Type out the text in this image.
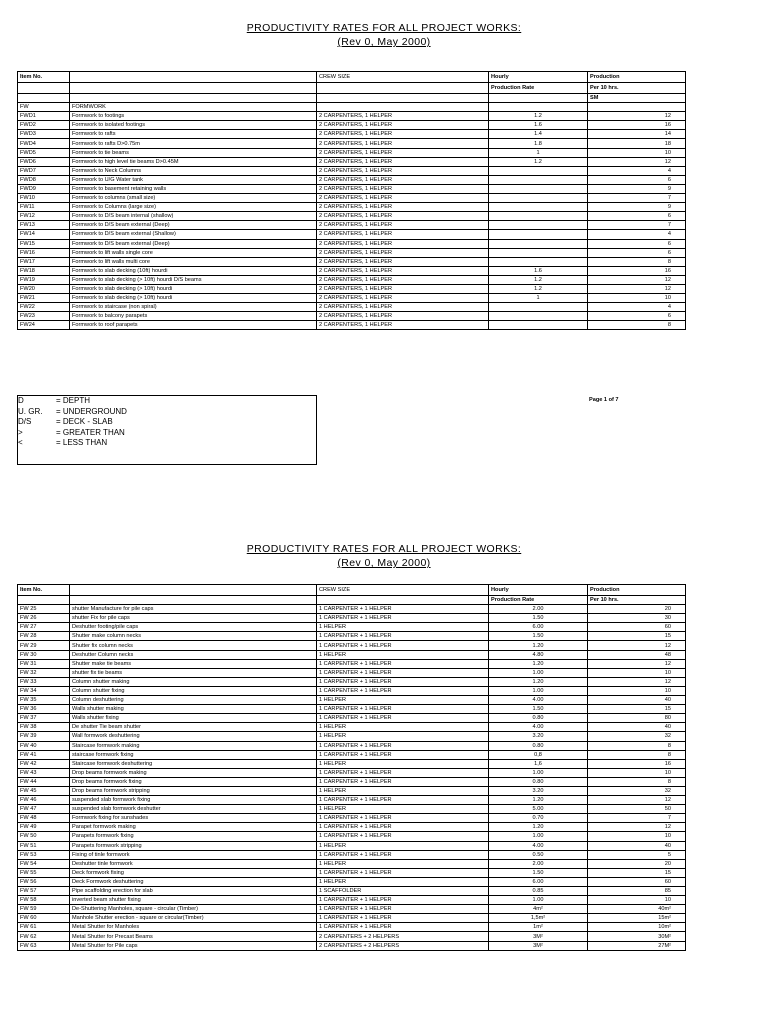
PRODUCTIVITY RATES FOR ALL PROJECT WORKS:
(Rev 0, May 2000)
Item No.		CREW SIZE	Hourly	Production
			Production Rate	Per 10 hrs.
				SM
FW	FORMWORK			
FWD1	Formwork to footings	2 CARPENTERS, 1 HELPER	1.2	12
FWD2	Formwork to isolated footings	2 CARPENTERS, 1 HELPER	1.6	16
FWD3	Formwork to rafts	2 CARPENTERS, 1 HELPER	1.4	14
FWD4	Formwork to rafts D>0.75m	2 CARPENTERS, 1 HELPER	1.8	18
FWD5	Formwork to tie beams	2 CARPENTERS, 1 HELPER	1	10
FWD6	Formwork to high level tie beams D>0.45M	2 CARPENTERS, 1 HELPER	1.2	12
FWD7	Formwork to Neck Columns	2 CARPENTERS, 1 HELPER		4
FWD8	Formwork to U/G Water tank	2 CARPENTERS, 1 HELPER		6
FWD9	Formwork to basement retaining walls	2 CARPENTERS, 1 HELPER		9
FW10	Formwork to columns (small size)	2 CARPENTERS, 1 HELPER		7
FW11	Formwork to Columns (large size)	2 CARPENTERS, 1 HELPER		9
FW12	Formwork to D/S beam internal (shallow)	2 CARPENTERS, 1 HELPER		6
FW13	Formwork to D/S beam external (Deep)	2 CARPENTERS, 1 HELPER		7
FW14	Formwork to D/S beam external (Shallow)	2 CARPENTERS, 1 HELPER		4
FW15	Formwork to D/S beam external (Deep)	2 CARPENTERS, 1 HELPER		6
FW16	Formwork to lift walls single core	2 CARPENTERS, 1 HELPER		6
FW17	Formwork to lift walls multi core	2 CARPENTERS, 1 HELPER		8
FW18	Formwork to slab decking (10ft) hourdi	2 CARPENTERS, 1 HELPER	1.6	16
FW19	Formwork to slab decking (> 10ft) hourdi D/S beams	2 CARPENTERS, 1 HELPER	1.2	12
FW20	Formwork to slab decking (> 10ft) hourdi	2 CARPENTERS, 1 HELPER	1.2	12
FW21	Formwork to slab decking (> 10ft) hourdi	2 CARPENTERS, 1 HELPER	1	10
FW22	Formwork to staircase (non spiral)	2 CARPENTERS, 1 HELPER		4
FW23	Formwork to balcony parapets	2 CARPENTERS, 1 HELPER		6
FW24	Formwork to roof parapets	2 CARPENTERS, 1 HELPER		8
D	= DEPTH
U. GR. = UNDERGROUND
D/S	= DECK - SLAB
>	= GREATER THAN
<	= LESS THAN
Page 1 of 7
PRODUCTIVITY RATES FOR ALL PROJECT WORKS:
(Rev 0, May 2000)
Item No.		CREW SIZE	Hourly	Production
			Production Rate	Per 10 hrs.
FW 25	shutter Manufacture for pile caps	1 CARPENTER + 1 HELPER	2.00	20
FW 26	shutter Fix for pile caps	1 CARPENTER + 1 HELPER	1.50	30
FW 27	Deshutter footing/pile caps	1 HELPER	6.00	60
FW 28	Shutter make column necks	1 CARPENTER + 1 HELPER	1.50	15
FW 29	Shutter fix column necks	1 CARPENTER + 1 HELPER	1.20	12
FW 30	Deshutter Column necks	1 HELPER	4.80	48
FW 31	Shutter make tie beams	1 CARPENTER + 1 HELPER	1.20	12
FW 32	shutter fix tie beams	1 CARPENTER + 1 HELPER	1.00	10
FW 33	Column shutter making	1 CARPENTER + 1 HELPER	1.20	12
FW 34	Column shutter fixing	1 CARPENTER + 1 HELPER	1.00	10
FW 35	Column deshuttering	1 HELPER	4.00	40
FW 36	Walls shutter making	1 CARPENTER + 1 HELPER	1.50	15
FW 37	Walls shutter fixing	1 CARPENTER + 1 HELPER	0.80	80
FW 38	De shutter Tie beam shutter	1 HELPER	4.00	40
FW 39	Wall formwork deshuttering	1 HELPER	3.20	32
FW 40	Staircase formwork making	1 CARPENTER + 1 HELPER	0.80	8
FW 41	staircase formwork fixing	1 CARPENTER + 1 HELPER	0,8	8
FW 42	Staircase formwork deshuttering	1 HELPER	1,6	16
FW 43	Drop beams formwork making	1 CARPENTER + 1 HELPER	1.00	10
FW 44	Drop beams formwork fixing	1 CARPENTER + 1 HELPER	0.80	8
FW 45	Drop beams formwork stripping	1 HELPER	3.20	32
FW 46	suspended slab formwork fixing	1 CARPENTER + 1 HELPER	1.20	12
FW 47	suspended slab formwork deshutter	1 HELPER	5.00	50
FW 48	Formwork fixing for sunshades	1 CARPENTER + 1 HELPER	0.70	7
FW 49	Parapet formwork making	1 CARPENTER + 1 HELPER	1.20	12
FW 50	Parapets formwork fixing	1 CARPENTER + 1 HELPER	1.00	10
FW 51	Parapets formwork stripping	1 HELPER	4.00	40
FW 53	Fixing of tinle formwork	1 CARPENTER + 1 HELPER	0.50	5
FW 54	Deshutter tinle formwork	1 HELPER	2.00	20
FW 55	Deck formwork fixing	1 CARPENTER + 1 HELPER	1.50	15
FW 56	Deck Formwork deshuttering	1 HELPER	6.00	60
FW 57	Pipe scaffolding erection for slab	1 SCAFFOLDER	0.85	85
FW 58	inverted beam shutter fixing	1 CARPENTER + 1 HELPER	1.00	10
FW 59	De-Shuttering Manholes, square - circular (Timber)	1 CARPENTER + 1 HELPER	4m²	40m²
FW 60	Manhole Shutter erection - square or circular(Timber)	1 CARPENTER + 1 HELPER	1,5m²	15m²
FW 61	Metal Shutter for Manholes	1 CARPENTER + 1 HELPER	1m²	10m²
FW 62	Metal Shutter for Precast Beams	2 CARPENTERS + 2 HELPERS	3M²	30M²
FW 63	Metal Shutter for Pile caps	2 CARPENTERS + 2 HELPERS	3M²	27M²
